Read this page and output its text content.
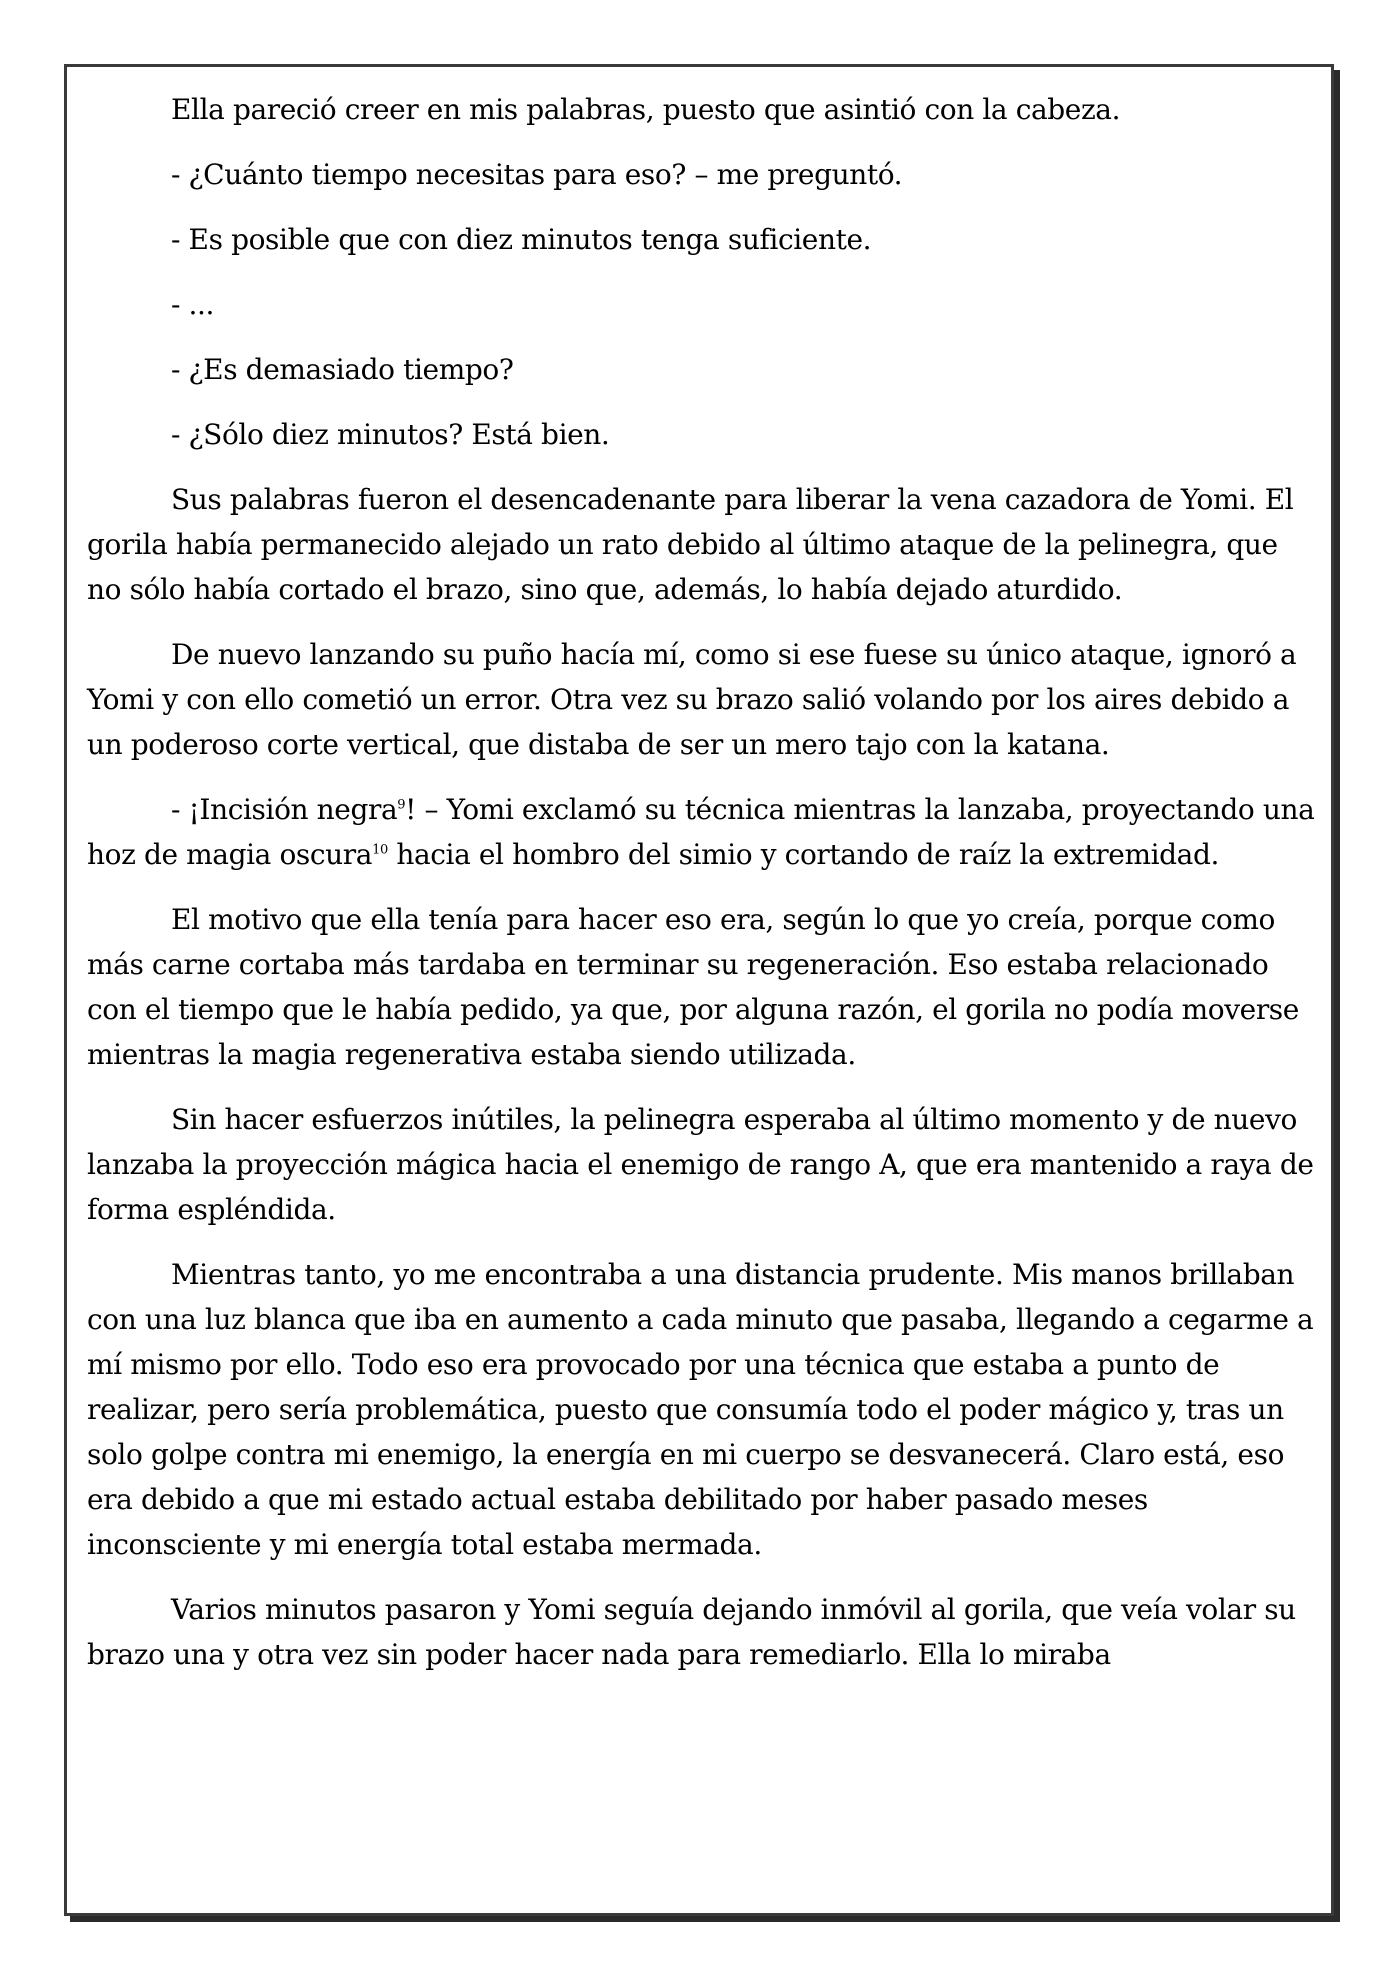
Ella pareció creer en mis palabras, puesto que asintió con la cabeza.

- ¿Cuánto tiempo necesitas para eso? – me preguntó.

- Es posible que con diez minutos tenga suficiente.

- ...

- ¿Es demasiado tiempo?

- ¿Sólo diez minutos? Está bien.

Sus palabras fueron el desencadenante para liberar la vena cazadora de Yomi. El gorila había permanecido alejado un rato debido al último ataque de la pelinegra, que no sólo había cortado el brazo, sino que, además, lo había dejado aturdido.

De nuevo lanzando su puño hacía mí, como si ese fuese su único ataque, ignoró a Yomi y con ello cometió un error. Otra vez su brazo salió volando por los aires debido a un poderoso corte vertical, que distaba de ser un mero tajo con la katana.

- ¡Incisión negra$^9$! – Yomi exclamó su técnica mientras la lanzaba, proyectando una hoz de magia oscura$^{10}$ hacia el hombro del simio y cortando de raíz la extremidad.

El motivo que ella tenía para hacer eso era, según lo que yo creía, porque como más carne cortaba más tardaba en terminar su regeneración. Eso estaba relacionado con el tiempo que le había pedido, ya que, por alguna razón, el gorila no podía moverse mientras la magia regenerativa estaba siendo utilizada.

Sin hacer esfuerzos inútiles, la pelinegra esperaba al último momento y de nuevo lanzaba la proyección mágica hacia el enemigo de rango A, que era mantenido a raya de forma espléndida.

Mientras tanto, yo me encontraba a una distancia prudente. Mis manos brillaban con una luz blanca que iba en aumento a cada minuto que pasaba, llegando a cegarme a mí mismo por ello. Todo eso era provocado por una técnica que estaba a punto de realizar, pero sería problemática, puesto que consumía todo el poder mágico y, tras un solo golpe contra mi enemigo, la energía en mi cuerpo se desvanecerá. Claro está, eso era debido a que mi estado actual estaba debilitado por haber pasado meses inconsciente y mi energía total estaba mermada.

Varios minutos pasaron y Yomi seguía dejando inmóvil al gorila, que veía volar su brazo una y otra vez sin poder hacer nada para remediarlo. Ella lo miraba
